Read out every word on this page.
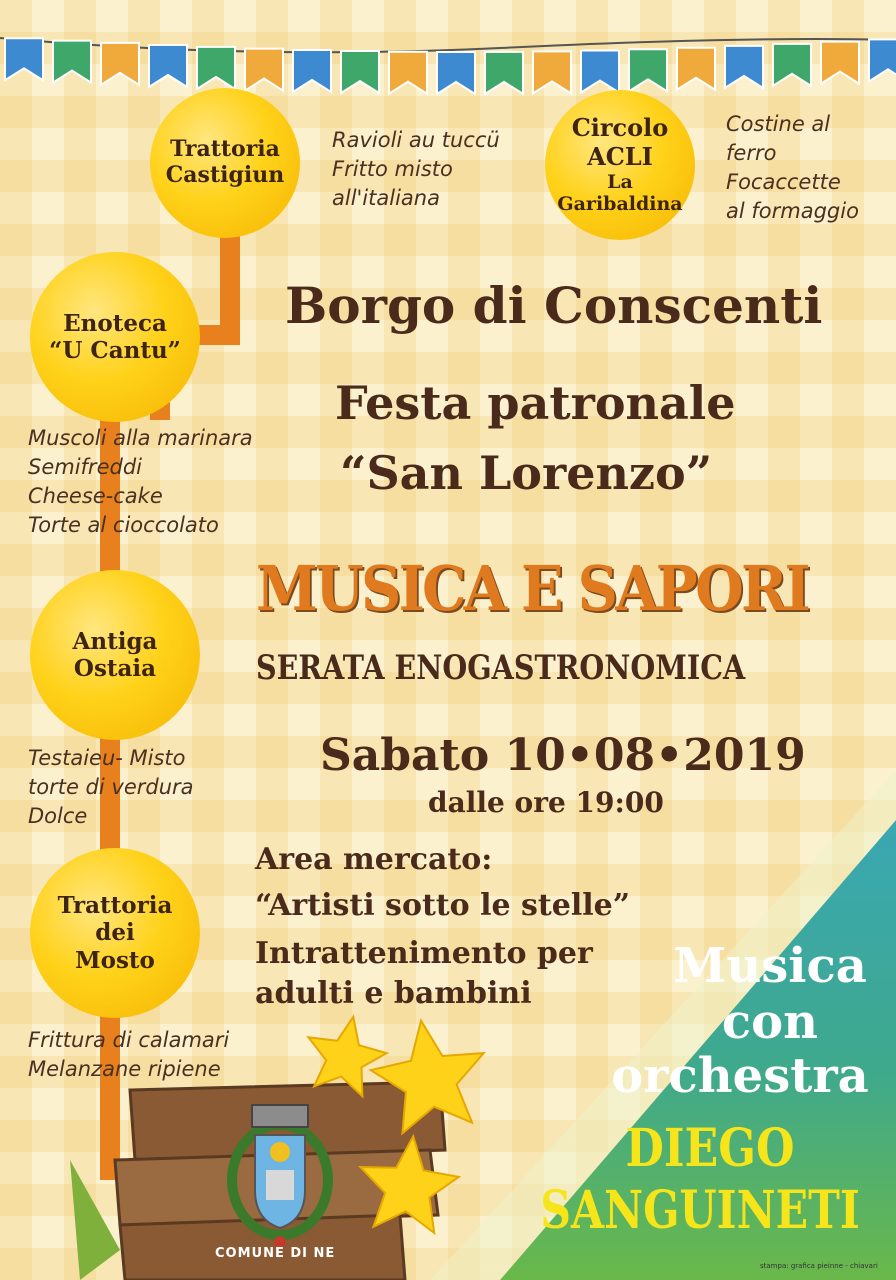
Trattoria
Castigiun
Circolo
ACLI
La
Garibaldina
Enoteca
“U Cantu”
Antiga
Ostaia
Trattoria
dei
Mosto
Ravioli au tuccü
Fritto misto
all'italiana
Costine al
ferro
Focaccette
al formaggio
Muscoli alla marinara
Semifreddi
Cheese-cake
Torte al cioccolato
Testaieu- Misto
torte di verdura
Dolce
Frittura di calamari
Melanzane ripiene
Borgo di Conscenti
Festa patronale
“San Lorenzo”
MUSICA E SAPORI
SERATA ENOGASTRONOMICA
Sabato 10•08•2019
dalle ore 19:00
Area mercato:
“Artisti sotto le stelle”
Intrattenimento per
adulti e bambini	Musica
con
orchestra
DIEGO
SANGUINETI
COMUNE DI NE
stampa: grafica pieinne - chiavari
